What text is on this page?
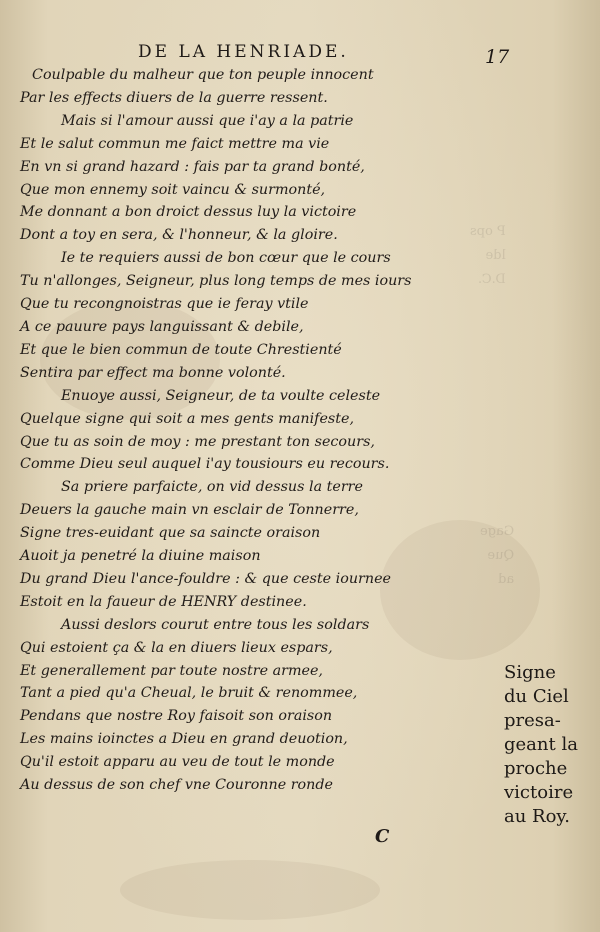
P ops
lde
D.C.
Gage
Que
ad
DE LA HENRIADE.	17
Coulpable du malheur que ton peuple innocent
Par les effects diuers de la guerre ressent.
Mais si l'amour aussi que i'ay a la patrie
Et le salut commun me faict mettre ma vie
En vn si grand hazard : fais par ta grand bonté,
Que mon ennemy soit vaincu & surmonté,
Me donnant a bon droict dessus luy la victoire
Dont a toy en sera, & l'honneur, & la gloire.
Ie te requiers aussi de bon cœur que le cours
Tu n'allonges, Seigneur, plus long temps de mes iours
Que tu recongnoistras que ie feray vtile
A ce pauure pays languissant & debile,
Et que le bien commun de toute Chrestienté
Sentira par effect ma bonne volonté.
Enuoye aussi, Seigneur, de ta voulte celeste
Quelque signe qui soit a mes gents manifeste,
Que tu as soin de moy : me prestant ton secours,
Comme Dieu seul auquel i'ay tousiours eu recours.
Sa priere parfaicte, on vid dessus la terre
Deuers la gauche main vn esclair de Tonnerre,
Signe tres-euidant que sa saincte oraison
Auoit ja penetré la diuine maison
Du grand Dieu l'ance-fouldre : & que ceste iournee
Estoit en la faueur de HENRY destinee.
Aussi deslors courut entre tous les soldars
Qui estoient ça & la en diuers lieux espars,
Et generallement par toute nostre armee,
Tant a pied qu'a Cheual, le bruit & renommee,
Pendans que nostre Roy faisoit son oraison
Les mains ioinctes a Dieu en grand deuotion,
Qu'il estoit apparu au veu de tout le monde
Au dessus de son chef vne Couronne ronde
Signe
du Ciel
presa-
geant la
proche
victoire
au Roy.
C
